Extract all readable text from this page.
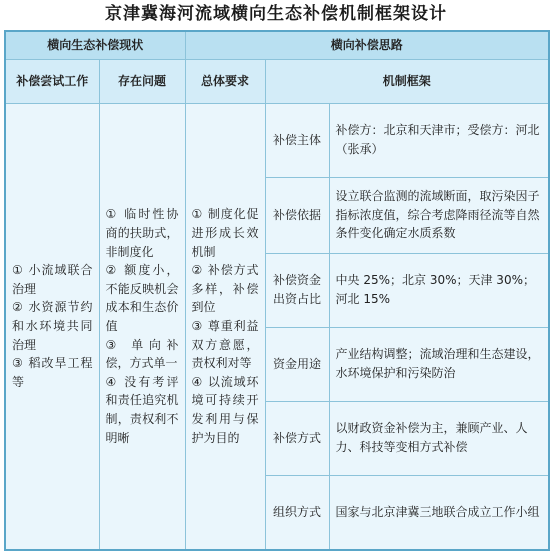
京津冀海河流域横向生态补偿机制框架设计
横向生态补偿现状		横向补偿思路		
补偿尝试工作	存在问题	总体要求	机制框架	
① 小流域联合治理
② 水资源节约和水环境共同治理
③ 稻改旱工程等	① 临时性协商的扶助式，非制度化
② 额度小，不能反映机会成本和生态价值
③ 单向补偿，方式单一
④ 没有考评和责任追究机制，责权利不明晰	① 制度化促进形成长效机制
② 补偿方式多样，补偿到位
③ 尊重利益双方意愿，责权利对等
④ 以流域环境可持续开发利用与保护为目的	补偿主体	补偿方：北京和天津市；受偿方：河北（张承）
			补偿依据	设立联合监测的流域断面，取污染因子指标浓度值，综合考虑降雨径流等自然条件变化确定水质系数
			补偿资金出资占比	中央 25%；北京 30%；天津 30%；河北 15%
			资金用途	产业结构调整；流域治理和生态建设，水环境保护和污染防治
			补偿方式	以财政资金补偿为主，兼顾产业、人力、科技等变相方式补偿
			组织方式	国家与北京津冀三地联合成立工作小组
